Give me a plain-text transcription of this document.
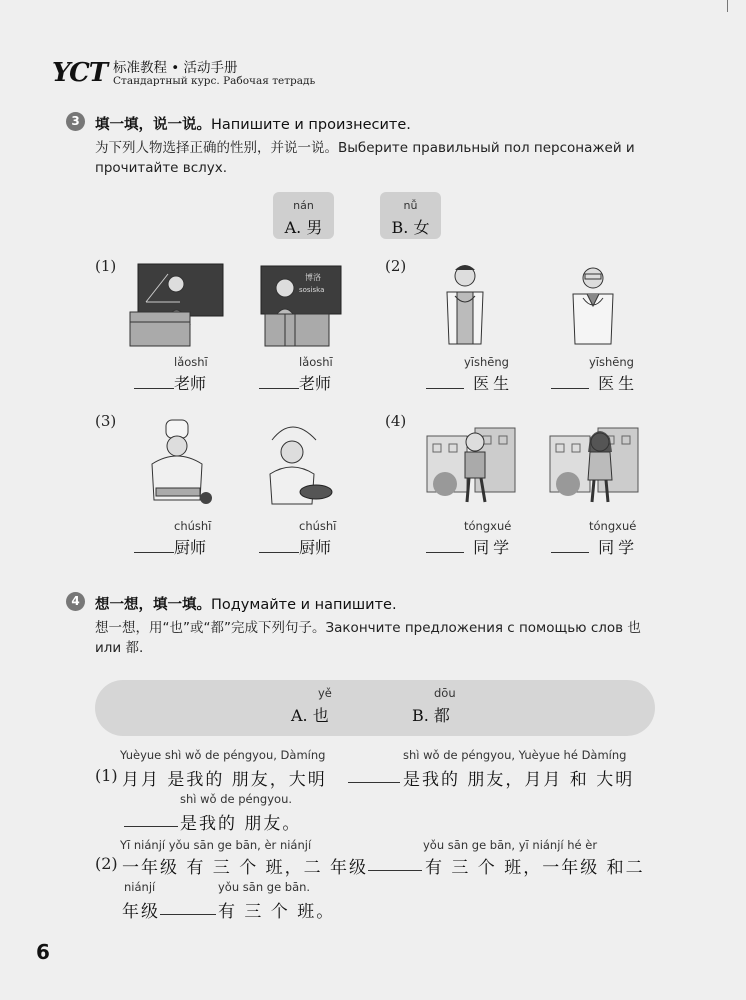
YCT 标准教程 • 活动手册
Стандартный курс. Рабочая тетрадь
3	填一填，说一说。Напишите и произнесите.
为下列人物选择正确的性别，并说一说。Выберите правильный пол персонажей и прочитайте вслух.
nán
A. 男
nǚ
B. 女
(1)
博洛
sosiska
lǎoshī	lǎoshī
老师	老师
(2)
yīshēng	yīshēng
医生	医生
(3)
chúshī	chúshī
厨师	厨师
(4)
tóngxué	tóngxué
同学	同学
4	想一想，填一填。Подумайте и напишите.
想一想，用“也”或“都”完成下列句子。Закончите предложения с помощью слов 也 или 都.
yě
A. 也
dōu
B. 都
Yuèyue shì wǒ de péngyou, Dàmíng	shì wǒ de péngyou, Yuèyue hé Dàmíng
(1) 月月 是我的 朋友，大明	是我的 朋友，月月 和 大明
shì wǒ de péngyou.
是我的 朋友。
Yī niánjí yǒu sān ge bān, èr niánjí	yǒu sān ge bān, yī niánjí hé èr
(2) 一年级 有 三 个 班，二 年级	有 三 个 班，一年级 和二
niánjí	yǒu sān ge bān.
年级	有 三 个 班。
6
